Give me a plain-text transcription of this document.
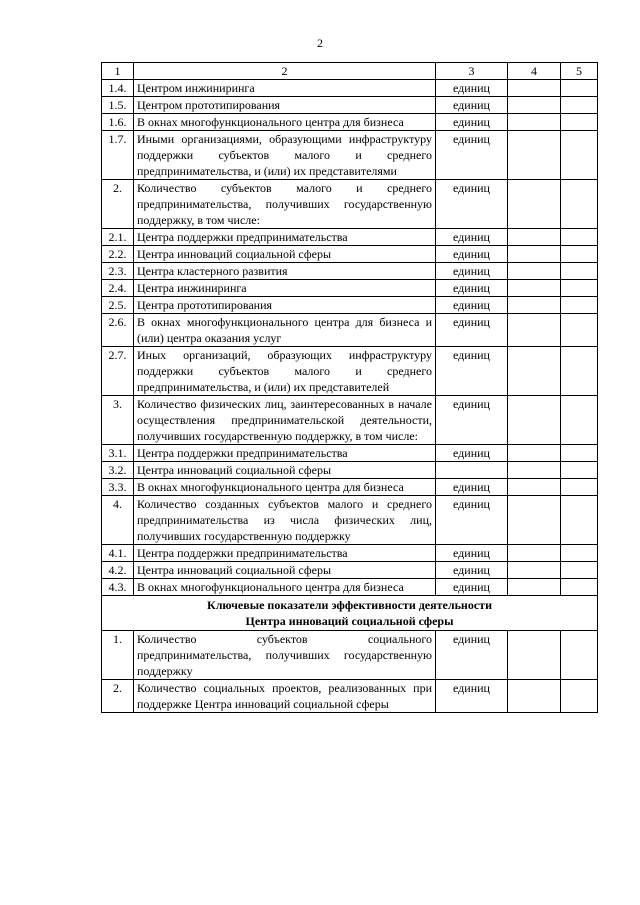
2
1	2	3	4	5
1.4.	Центром инжиниринга	единиц		
1.5.	Центром прототипирования	единиц		
1.6.	В окнах многофункционального центра для бизнеса	единиц		
1.7.	Иными организациями, образующими инфраструктуру поддержки субъектов малого и среднего предпринимательства, и (или) их представителями	единиц		
2.	Количество субъектов малого и среднего предпринимательства, получивших государственную поддержку, в том числе:	единиц		
2.1.	Центра поддержки предпринимательства	единиц		
2.2.	Центра инноваций социальной сферы	единиц		
2.3.	Центра кластерного развития	единиц		
2.4.	Центра инжиниринга	единиц		
2.5.	Центра прототипирования	единиц		
2.6.	В окнах многофункционального центра для бизнеса и (или) центра оказания услуг	единиц		
2.7.	Иных организаций, образующих инфраструктуру поддержки субъектов малого и среднего предпринимательства, и (или) их представителей	единиц		
3.	Количество физических лиц, заинтересованных в начале осуществления предпринимательской деятельности, получивших государственную поддержку, в том числе:	единиц		
3.1.	Центра поддержки предпринимательства	единиц		
3.2.	Центра инноваций социальной сферы			
3.3.	В окнах многофункционального центра для бизнеса	единиц		
4.	Количество созданных субъектов малого и среднего предпринимательства из числа физических лиц, получивших государственную поддержку	единиц		
4.1.	Центра поддержки предпринимательства	единиц		
4.2.	Центра инноваций социальной сферы	единиц		
4.3.	В окнах многофункционального центра для бизнеса	единиц		

Ключевые показатели эффективности деятельности
Центра инноваций социальной сферы				

1.	Количество субъектов социального предпринимательства, получивших государственную поддержку	единиц		
2.	Количество социальных проектов, реализованных при поддержке Центра инноваций социальной сферы	единиц		
